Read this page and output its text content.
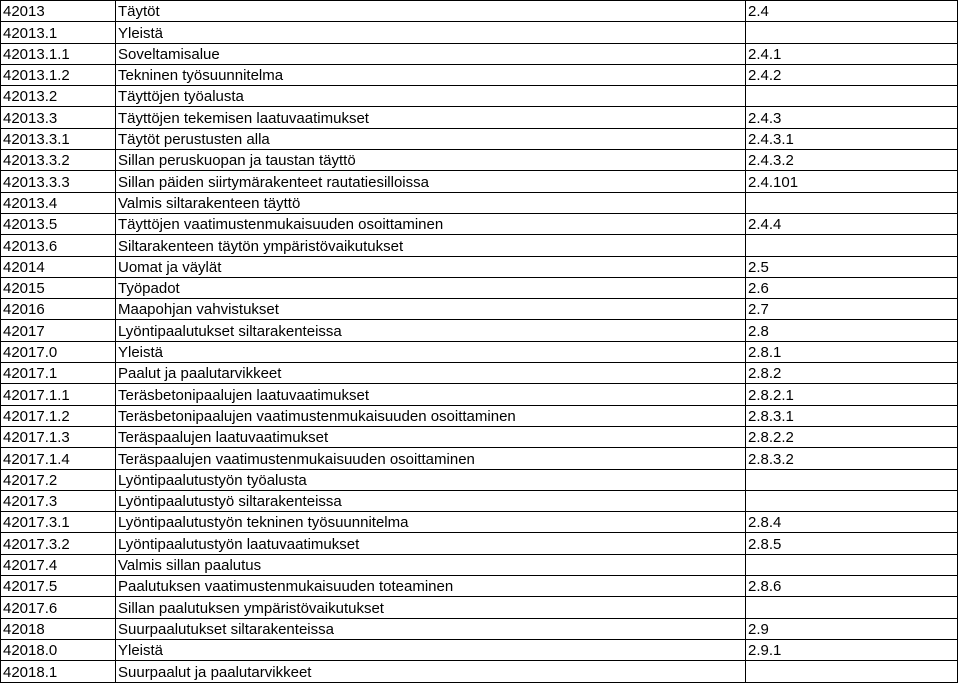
42013	Täytöt	2.4
42013.1	Yleistä	
42013.1.1	Soveltamisalue	2.4.1
42013.1.2	Tekninen työsuunnitelma	2.4.2
42013.2	Täyttöjen työalusta	
42013.3	Täyttöjen tekemisen laatuvaatimukset	2.4.3
42013.3.1	Täytöt perustusten alla	2.4.3.1
42013.3.2	Sillan peruskuopan ja taustan täyttö	2.4.3.2
42013.3.3	Sillan päiden siirtymärakenteet rautatiesilloissa	2.4.101
42013.4	Valmis siltarakenteen täyttö	
42013.5	Täyttöjen vaatimustenmukaisuuden osoittaminen	2.4.4
42013.6	Siltarakenteen täytön ympäristövaikutukset	
42014	Uomat ja väylät	2.5
42015	Työpadot	2.6
42016	Maapohjan vahvistukset	2.7
42017	Lyöntipaalutukset siltarakenteissa	2.8
42017.0	Yleistä	2.8.1
42017.1	Paalut ja paalutarvikkeet	2.8.2
42017.1.1	Teräsbetonipaalujen laatuvaatimukset	2.8.2.1
42017.1.2	Teräsbetonipaalujen vaatimustenmukaisuuden osoittaminen	2.8.3.1
42017.1.3	Teräspaalujen laatuvaatimukset	2.8.2.2
42017.1.4	Teräspaalujen vaatimustenmukaisuuden osoittaminen	2.8.3.2
42017.2	Lyöntipaalutustyön työalusta	
42017.3	Lyöntipaalutustyö siltarakenteissa	
42017.3.1	Lyöntipaalutustyön tekninen työsuunnitelma	2.8.4
42017.3.2	Lyöntipaalutustyön laatuvaatimukset	2.8.5
42017.4	Valmis sillan paalutus	
42017.5	Paalutuksen vaatimustenmukaisuuden toteaminen	2.8.6
42017.6	Sillan paalutuksen ympäristövaikutukset	
42018	Suurpaalutukset siltarakenteissa	2.9
42018.0	Yleistä	2.9.1
42018.1	Suurpaalut ja paalutarvikkeet	
